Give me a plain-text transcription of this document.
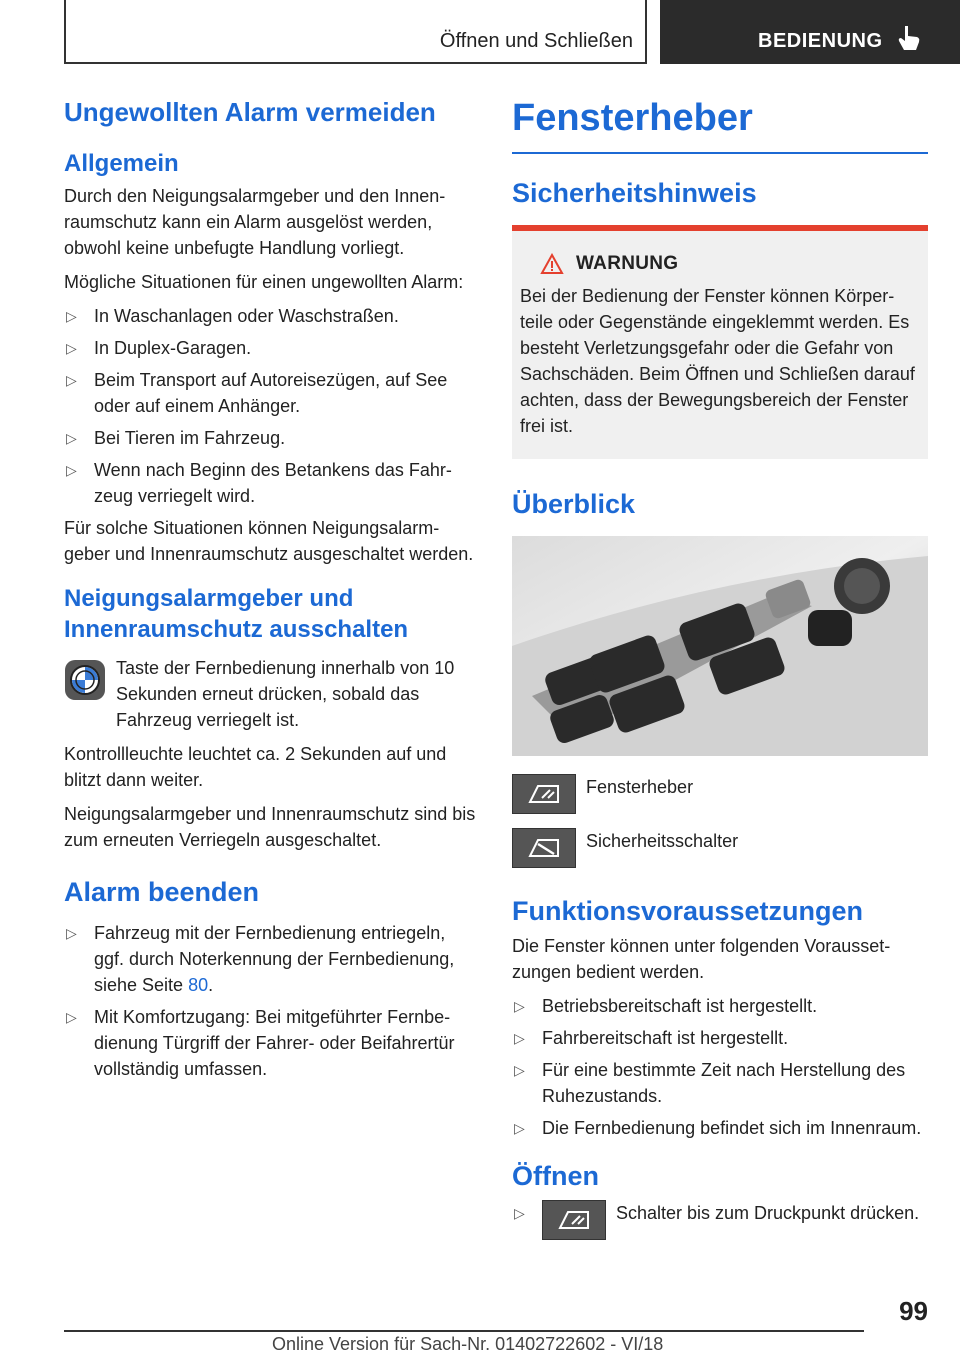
Öffnen und Schließen	BEDIENUNG
Ungewollten Alarm vermeiden
Allgemein

Durch den Neigungsalarmgeber und den Innenraumschutz kann ein Alarm ausgelöst werden, obwohl keine unbefugte Handlung vorliegt.

Mögliche Situationen für einen ungewollten Alarm:

▷ In Waschanlagen oder Waschstraßen.
▷ In Duplex-Garagen.
▷ Beim Transport auf Autoreisezügen, auf See oder auf einem Anhänger.
▷ Bei Tieren im Fahrzeug.
▷ Wenn nach Beginn des Betankens das Fahrzeug verriegelt wird.

Für solche Situationen können Neigungsalarmgeber und Innenraumschutz ausgeschaltet werden.

Neigungsalarmgeber und Innenraumschutz ausschalten

Taste der Fernbedienung innerhalb von 10 Sekunden erneut drücken, sobald das Fahrzeug verriegelt ist.

Kontrollleuchte leuchtet ca. 2 Sekunden auf und blitzt dann weiter.

Neigungsalarmgeber und Innenraumschutz sind bis zum erneuten Verriegeln ausgeschaltet.

Alarm beenden
▷ Fahrzeug mit der Fernbedienung entriegeln, ggf. durch Noterkennung der Fernbedienung, siehe Seite 80.
▷ Mit Komfortzugang: Bei mitgeführter Fernbedienung Türgriff der Fahrer- oder Beifahrertür vollständig umfassen.
Fensterheber
Sicherheitshinweis
WARNUNG

Bei der Bedienung der Fenster können Körperteile oder Gegenstände eingeklemmt werden. Es besteht Verletzungsgefahr oder die Gefahr von Sachschäden. Beim Öffnen und Schließen darauf achten, dass der Bewegungsbereich der Fenster frei ist.

Überblick
Fensterheber
Sicherheitsschalter
Funktionsvoraussetzungen

Die Fenster können unter folgenden Voraussetzungen bedient werden.

▷ Betriebsbereitschaft ist hergestellt.
▷ Fahrbereitschaft ist hergestellt.
▷ Für eine bestimmte Zeit nach Herstellung des Ruhezustands.
▷ Die Fernbedienung befindet sich im Innenraum.
Öffnen
▷	Schalter bis zum Druckpunkt drücken.
99
Online Version für Sach-Nr. 01402722602 - VI/18
